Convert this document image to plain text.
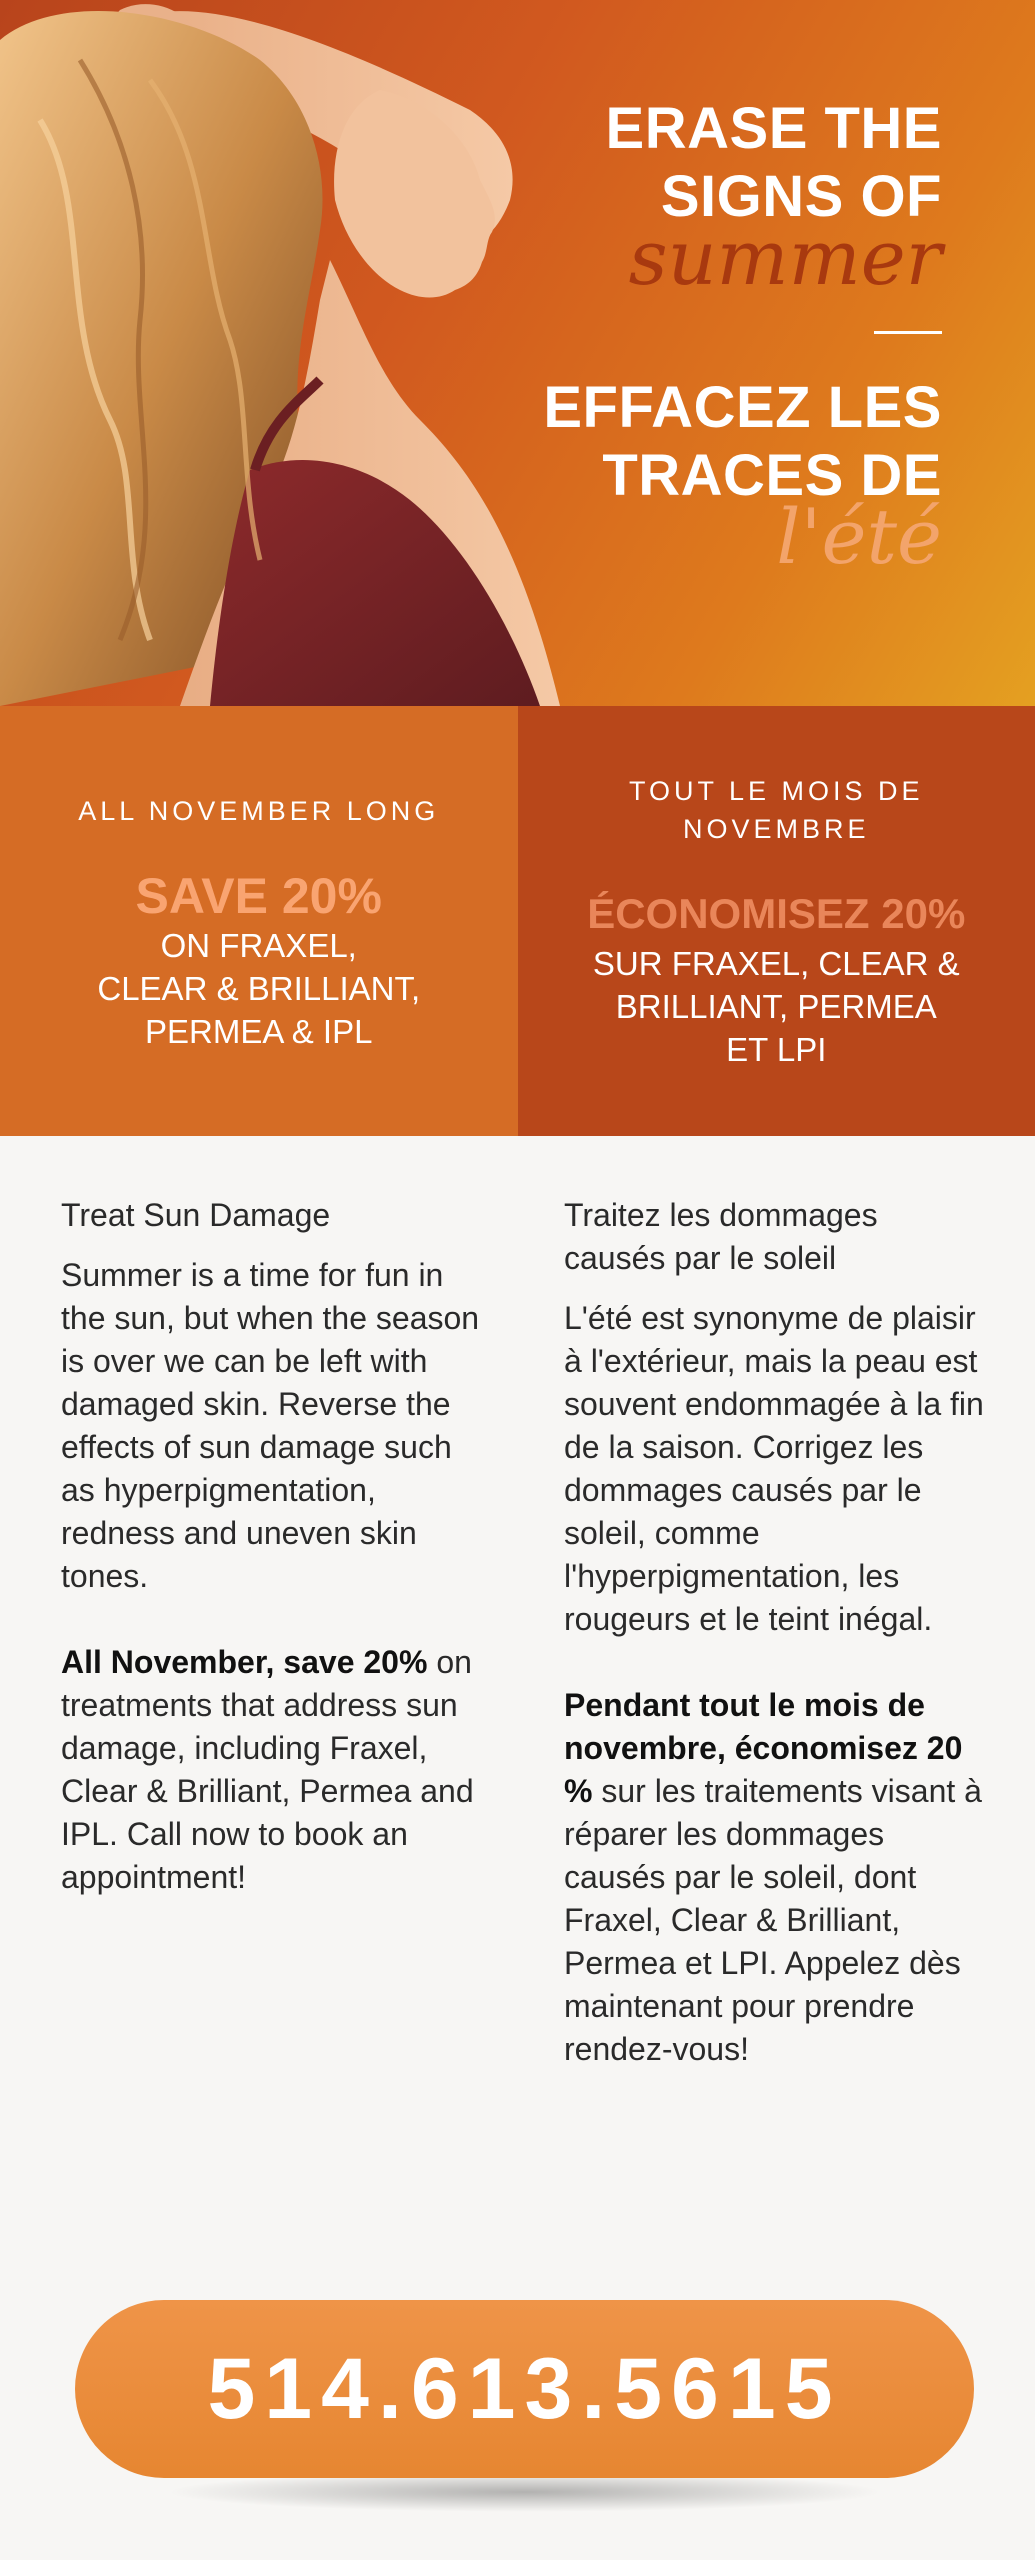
ERASE THE
SIGNS OF
summer
EFFACEZ LES
TRACES DE
l'été
ALL NOVEMBER LONG
SAVE 20%
ON FRAXEL,
CLEAR & BRILLIANT,
PERMEA & IPL
TOUT LE MOIS DE
NOVEMBRE
ÉCONOMISEZ 20%
SUR FRAXEL, CLEAR &
BRILLIANT, PERMEA
ET LPI
Treat Sun Damage

Summer is a time for fun in the sun, but when the season is over we can be left with damaged skin. Reverse the effects of sun damage such as hyperpigmentation, redness and uneven skin tones.

All November, save 20% on treatments that address sun damage, including Fraxel, Clear & Brilliant, Permea and IPL. Call now to book an appointment!

Traitez les dommages causés par le soleil

L'été est synonyme de plaisir à l'extérieur, mais la peau est souvent endommagée à la fin de la saison. Corrigez les dommages causés par le soleil, comme l'hyperpigmentation, les rougeurs et le teint inégal.

Pendant tout le mois de novembre, économisez 20 % sur les traitements visant à réparer les dommages causés par le soleil, dont Fraxel, Clear & Brilliant, Permea et LPI. Appelez dès maintenant pour prendre rendez-vous!

514.613.5615
